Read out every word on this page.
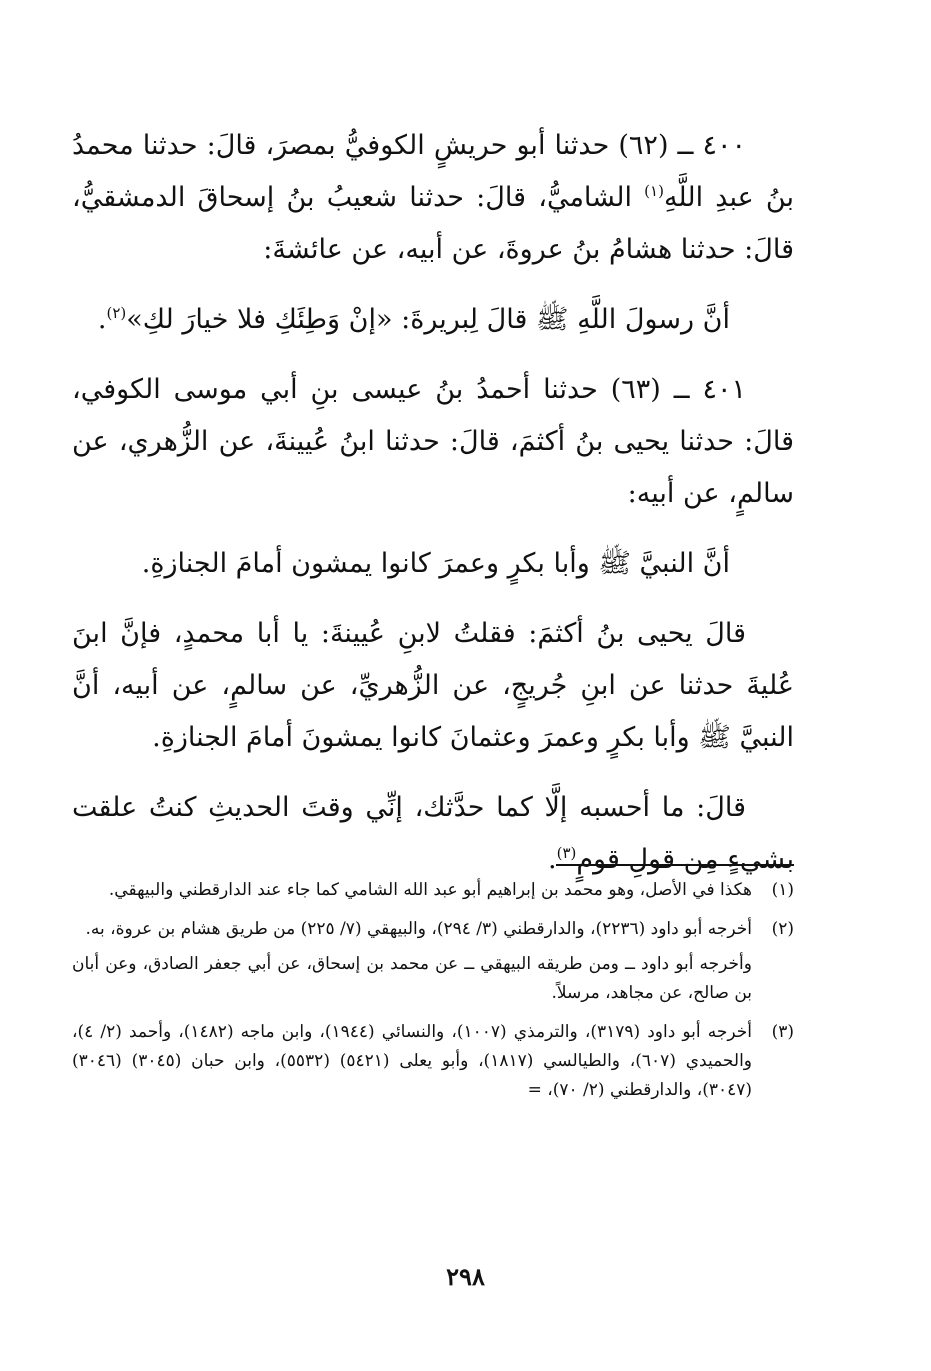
٤٠٠ ــ (٦٢) حدثنا أبو حريشٍ الكوفيُّ بمصرَ، قالَ: حدثنا محمدُ بنُ عبدِ اللَّهِ$^{(١)}$ الشاميُّ، قالَ: حدثنا شعيبُ بنُ إسحاقَ الدمشقيُّ، قالَ: حدثنا هشامُ بنُ عروةَ، عن أبيه، عن عائشةَ:

أنَّ رسولَ اللَّهِ ﷺ قالَ لِبريرةَ: «إنْ وَطِئَكِ فلا خيارَ لكِ»$^{(٢)}$.

٤٠١ ــ (٦٣) حدثنا أحمدُ بنُ عيسى بنِ أبي موسى الكوفي، قالَ: حدثنا يحيى بنُ أكثمَ، قالَ: حدثنا ابنُ عُيينةَ، عن الزُّهري، عن سالمٍ، عن أبيه:

أنَّ النبيَّ ﷺ وأبا بكرٍ وعمرَ كانوا يمشون أمامَ الجنازةِ.

قالَ يحيى بنُ أكثمَ: فقلتُ لابنِ عُيينةَ: يا أبا محمدٍ، فإنَّ ابنَ عُليةَ حدثنا عن ابنِ جُريجٍ، عن الزُّهريِّ، عن سالمٍ، عن أبيه، أنَّ النبيَّ ﷺ وأبا بكرٍ وعمرَ وعثمانَ كانوا يمشونَ أمامَ الجنازةِ.

قالَ: ما أحسبه إلَّا كما حدَّثك، إنِّي وقتَ الحديثِ كنتُ علقت بشيءٍ مِن قولِ قومٍ$^{(٣)}$.

(١)

هكذا في الأصل، وهو محمد بن إبراهيم أبو عبد الله الشامي كما جاء عند الدارقطني والبيهقي.

(٢)

أخرجه أبو داود (٢٢٣٦)، والدارقطني (٣/ ٢٩٤)، والبيهقي (٧/ ٢٢٥) من طريق هشام بن عروة، به.

وأخرجه أبو داود ــ ومن طريقه البيهقي ــ عن محمد بن إسحاق، عن أبي جعفر الصادق، وعن أبان بن صالح، عن مجاهد، مرسلاً.

(٣)

أخرجه أبو داود (٣١٧٩)، والترمذي (١٠٠٧)، والنسائي (١٩٤٤)، وابن ماجه (١٤٨٢)، وأحمد (٢/ ٤)، والحميدي (٦٠٧)، والطيالسي (١٨١٧)، وأبو يعلى (٥٤٢١) (٥٥٣٢)، وابن حبان (٣٠٤٥) (٣٠٤٦) (٣٠٤٧)، والدارقطني (٢/ ٧٠)، =

٢٩٨
